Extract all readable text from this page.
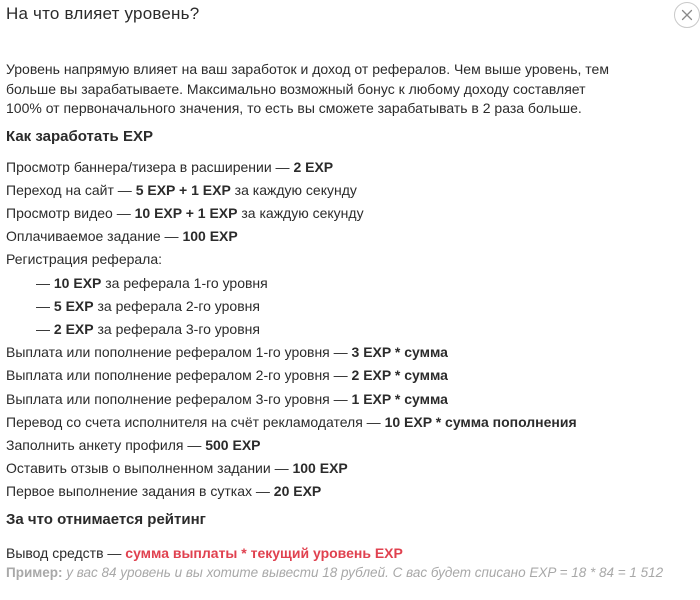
На что влияет уровень?
Уровень напрямую влияет на ваш заработок и доход от рефералов. Чем выше уровень, тем
больше вы зарабатываете. Максимально возможный бонус к любому доходу составляет
100% от первоначального значения, то есть вы сможете зарабатывать в 2 раза больше.
Как заработать EXP
Просмотр баннера/тизера в расширении — 2 EXP
Переход на сайт — 5 EXP + 1 EXP за каждую секунду
Просмотр видео — 10 EXP + 1 EXP за каждую секунду
Оплачиваемое задание — 100 EXP
Регистрация реферала:
— 10 EXP за реферала 1-го уровня
— 5 EXP за реферала 2-го уровня
— 2 EXP за реферала 3-го уровня
Выплата или пополнение рефералом 1-го уровня — 3 EXP * сумма
Выплата или пополнение рефералом 2-го уровня — 2 EXP * сумма
Выплата или пополнение рефералом 3-го уровня — 1 EXP * сумма
Перевод со счета исполнителя на счёт рекламодателя — 10 EXP * сумма пополнения
Заполнить анкету профиля — 500 EXP
Оставить отзыв о выполненном задании — 100 EXP
Первое выполнение задания в сутках — 20 EXP
За что отнимается рейтинг
Вывод средств — сумма выплаты * текущий уровень EXP
Пример: у вас 84 уровень и вы хотите вывести 18 рублей. С вас будет списано EXP = 18 * 84 = 1 512
